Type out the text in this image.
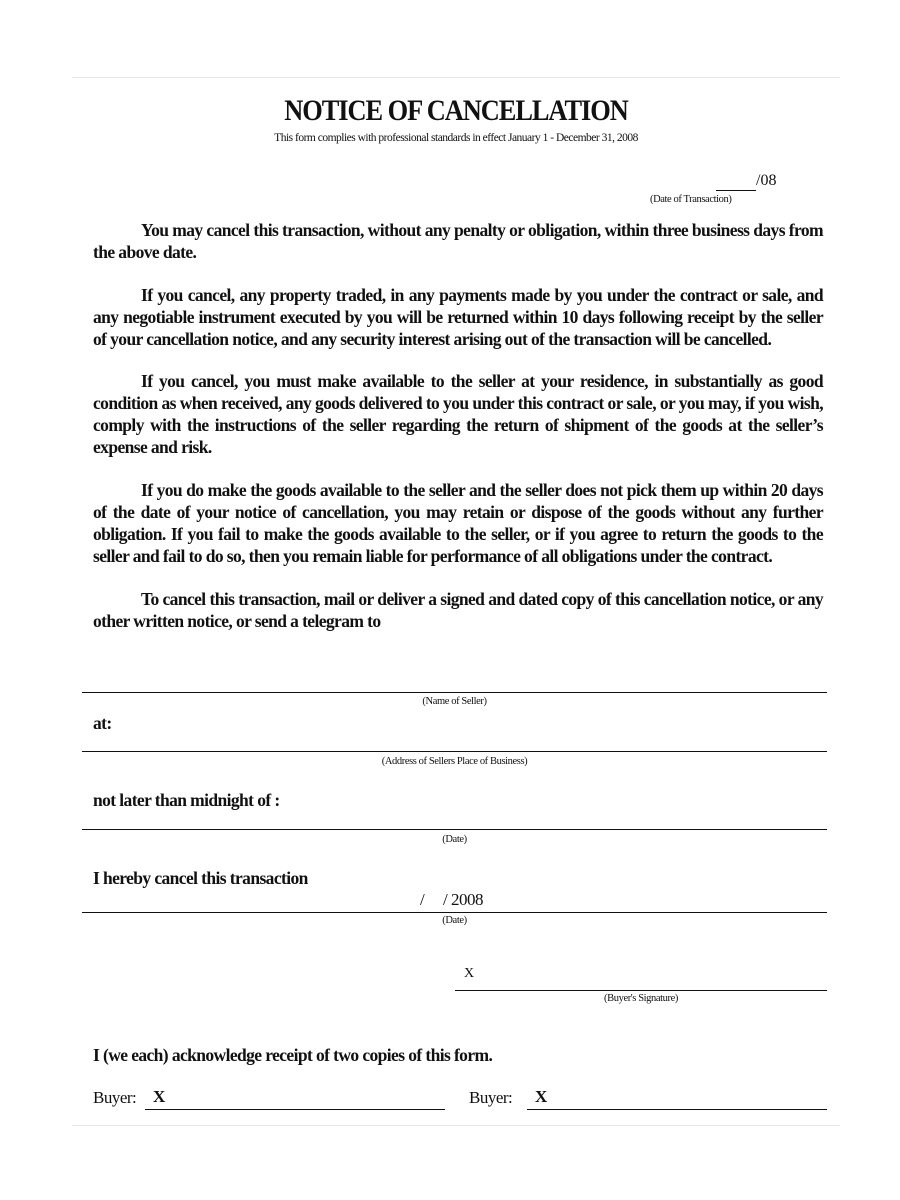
NOTICE OF CANCELLATION
This form complies with professional standards in effect January 1 - December 31, 2008
/08
(Date of Transaction)
You may cancel this transaction, without any penalty or obligation, within three business days from the above date.
If you cancel, any property traded, in any payments made by you under the contract or sale, and any negotiable instrument executed by you will be returned within 10 days following receipt by the seller of your cancellation notice, and any security interest arising out of the transaction will be cancelled.
If you cancel, you must make available to the seller at your residence, in substantially as good condition as when received, any goods delivered to you under this contract or sale, or you may, if you wish, comply with the instructions of the seller regarding the return of shipment of the goods at the seller’s expense and risk.
If you do make the goods available to the seller and the seller does not pick them up within 20 days of the date of your notice of cancellation, you may retain or dispose of the goods without any further obligation. If you fail to make the goods available to the seller, or if you agree to return the goods to the seller and fail to do so, then you remain liable for performance of all obligations under the contract.
To cancel this transaction, mail or deliver a signed and dated copy of this cancellation notice, or any other written notice, or send a telegram to
(Name of Seller)
at:
(Address of Sellers Place of Business)
not later than midnight of :
(Date)
I hereby cancel this transaction
/     / 2008
(Date)
X
(Buyer's Signature)
I (we each) acknowledge receipt of two copies of this form.
Buyer: X	Buyer: X
